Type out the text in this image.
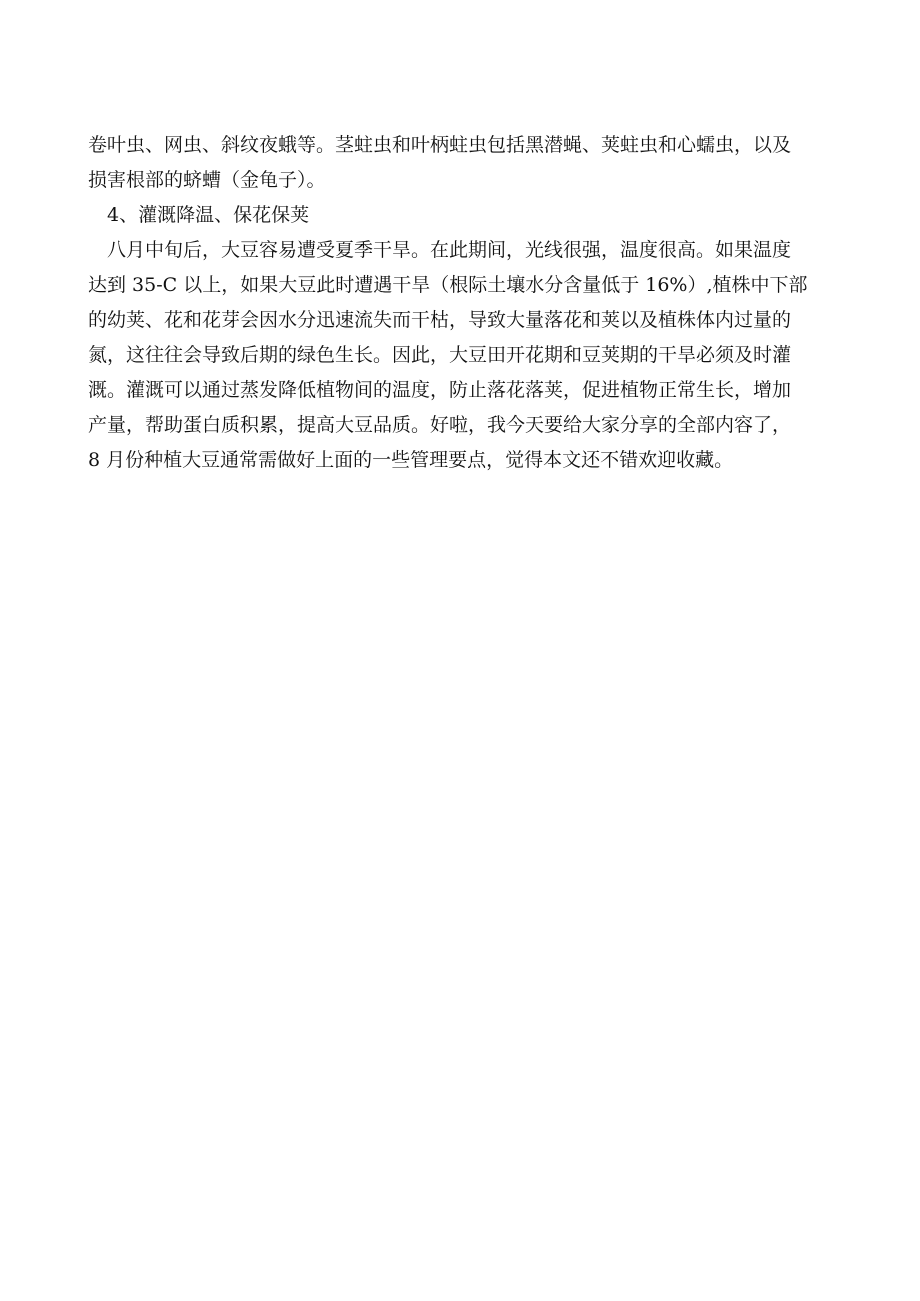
卷叶虫、网虫、斜纹夜蛾等。茎蛀虫和叶柄蛀虫包括黑潜蝇、荚蛀虫和心蠕虫，以及
损害根部的蛴螬（金龟子）。
4、灌溉降温、保花保荚
八月中旬后，大豆容易遭受夏季干旱。在此期间，光线很强，温度很高。如果温度
达到 35-C 以上，如果大豆此时遭遇干旱（根际土壤水分含量低于 16%）,植株中下部
的幼荚、花和花芽会因水分迅速流失而干枯，导致大量落花和荚以及植株体内过量的
氮，这往往会导致后期的绿色生长。因此，大豆田开花期和豆荚期的干旱必须及时灌
溉。灌溉可以通过蒸发降低植物间的温度，防止落花落荚，促进植物正常生长，增加
产量，帮助蛋白质积累，提高大豆品质。好啦，我今天要给大家分享的全部内容了，
8 月份种植大豆通常需做好上面的一些管理要点，觉得本文还不错欢迎收藏。
